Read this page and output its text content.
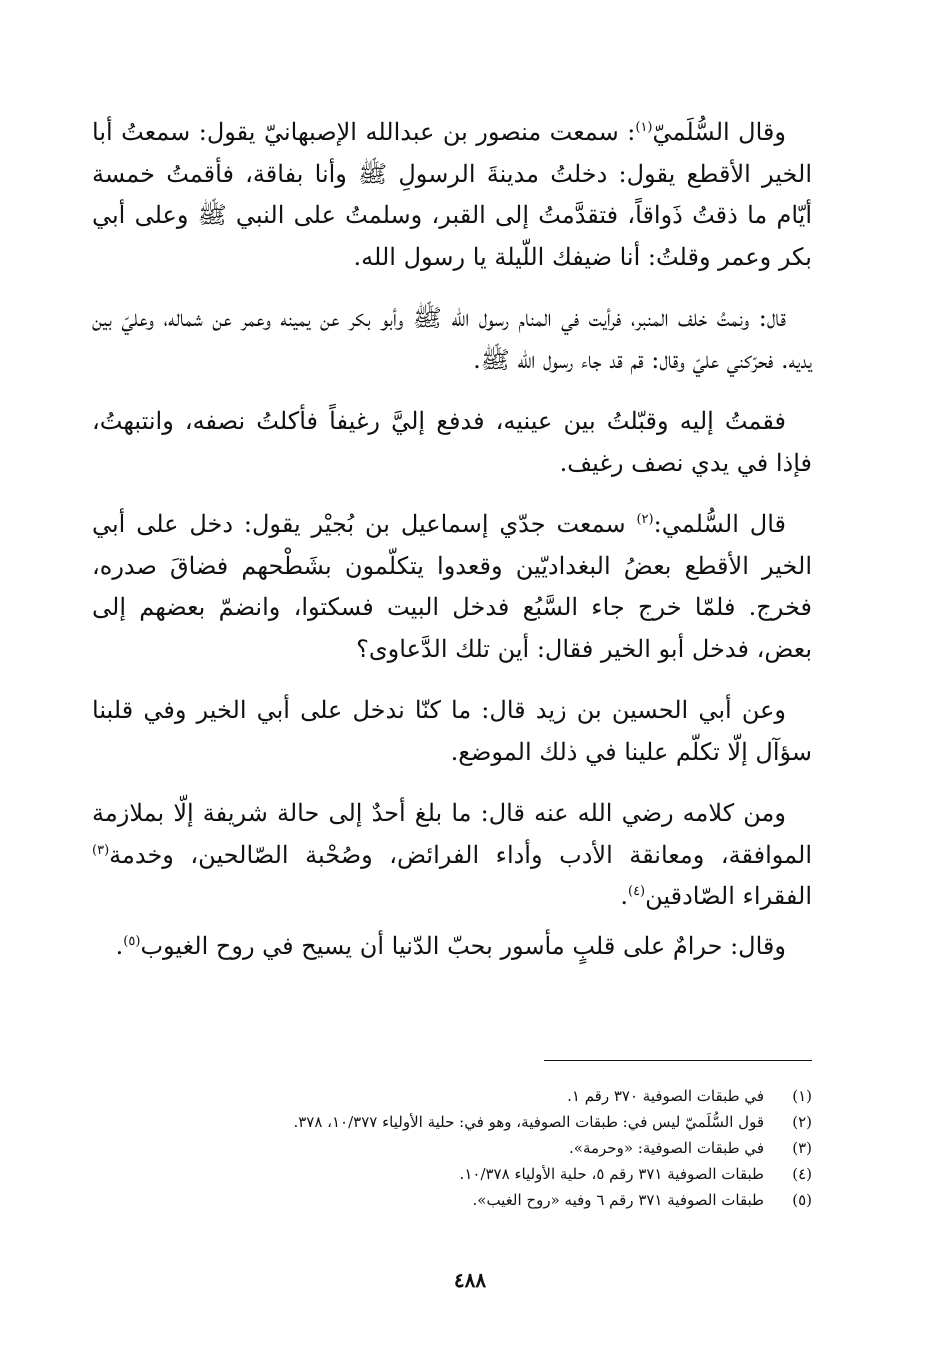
وقال السُّلَميّ$^{(١)}$: سمعت منصور بن عبدالله الإصبهانيّ يقول: سمعتُ أبا الخير الأقطع يقول: دخلتُ مدينةَ الرسولِ ﷺ وأنا بفاقة، فأقمتُ خمسة أيّام ما ذقتُ ذَواقاً، فتقدَّمتُ إلى القبر، وسلمتُ على النبي ﷺ وعلى أبي بكر وعمر وقلتُ: أنا ضيفك اللّيلة يا رسول الله.

قال: ونمتُ خلف المنبر، فرأيت في المنام رسول الله ﷺ وأبو بكر عن يمينه وعمر عن شماله، وعليّ بين يديه. فحرّكني عليّ وقال: قم قد جاء رسول الله ﷺ.

فقمتُ إليه وقبّلتُ بين عينيه، فدفع إليَّ رغيفاً فأكلتُ نصفه، وانتبهتُ، فإذا في يدي نصف رغيف.

قال السُّلمي:$^{(٢)}$ سمعت جدّي إسماعيل بن بُجيْر يقول: دخل على أبي الخير الأقطع بعضُ البغداديّين وقعدوا يتكلّمون بشَطْحهم فضاقَ صدره، فخرج. فلمّا خرج جاء السَّبُع فدخل البيت فسكتوا، وانضمّ بعضهم إلى بعض، فدخل أبو الخير فقال: أين تلك الدَّعاوى؟

وعن أبي الحسين بن زيد قال: ما كنّا ندخل على أبي الخير وفي قلبنا سؤآل إلّا تكلّم علينا في ذلك الموضع.

ومن كلامه رضي الله عنه قال: ما بلغ أحدٌ إلى حالة شريفة إلّا بملازمة الموافقة، ومعانقة الأدب وأداء الفرائض، وصُحْبة الصّالحين، وخدمة$^{(٣)}$ الفقراء الصّادقين$^{(٤)}$.

وقال: حرامٌ على قلبٍ مأسور بحبّ الدّنيا أن يسيح في روح الغيوب$^{(٥)}$.

(١)
في طبقات الصوفية ٣٧٠ رقم ١.
(٢)
قول السُّلَميّ ليس في: طبقات الصوفية، وهو في: حلية الأولياء ١٠/٣٧٧، ٣٧٨.
(٣)
في طبقات الصوفية: «وحرمة».
(٤)
طبقات الصوفية ٣٧١ رقم ٥، حلية الأولياء ١٠/٣٧٨.
(٥)
طبقات الصوفية ٣٧١ رقم ٦ وفيه «روح الغيب».
٤٨٨
